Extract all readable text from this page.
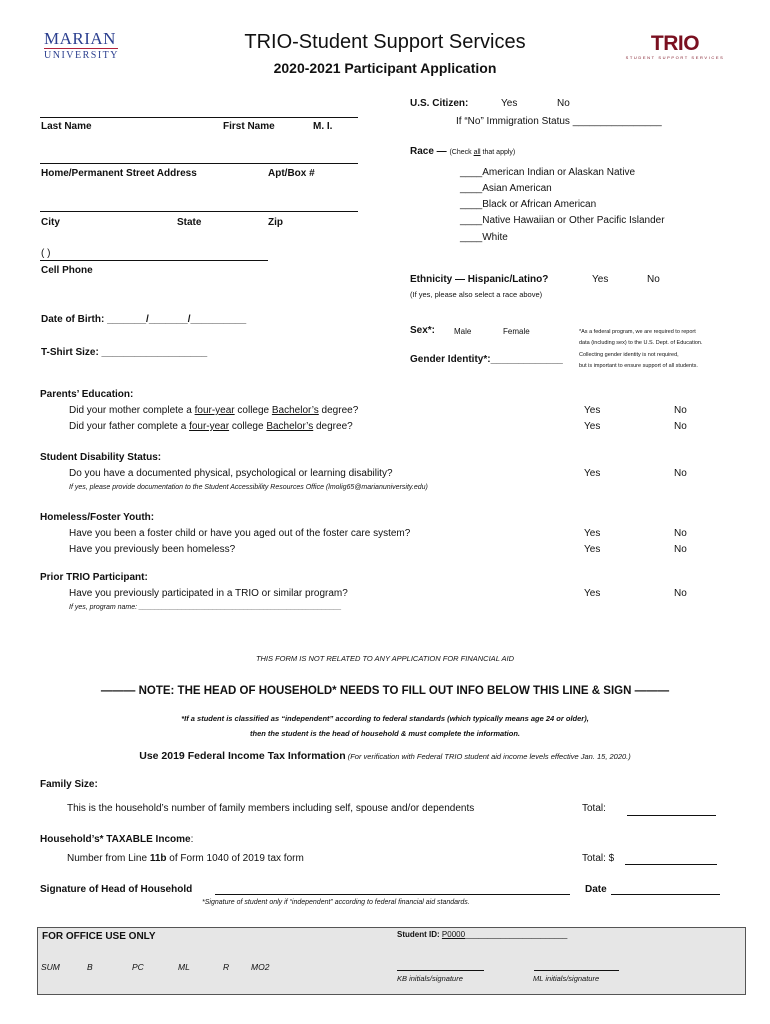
MARIAN
UNIVERSITY
TRIO-Student Support Services
2020-2021 Participant Application
TRIO
STUDENT SUPPORT SERVICES
Last Name	First Name	M. I.
Home/Permanent Street Address	Apt/Box #
City	State	Zip
( )
Cell Phone
Date of Birth: _______/_______/__________
T-Shirt Size: ___________________
U.S. Citizen:	Yes	No
If “No” Immigration Status ________________
Race — (Check all that apply)
____American Indian or Alaskan Native
____Asian American
____Black or African American
____Native Hawaiian or Other Pacific Islander
____White
Ethnicity — Hispanic/Latino?	Yes	No
(If yes, please also select a race above)
Sex*: Male	Female
Gender Identity*:_____________
*As a federal program, we are required to report
data (including sex) to the U.S. Dept. of Education.
Collecting gender identity is not required,
but is important to ensure support of all students.
Parents’ Education:
Did your mother complete a four-year college Bachelor’s degree?	Yes	No
Did your father complete a four-year college Bachelor’s degree?	Yes	No
Student Disability Status:
Do you have a documented physical, psychological or learning disability?	Yes	No
If yes, please provide documentation to the Student Accessibility Resources Office (lmolig65@marianuniversity.edu)
Homeless/Foster Youth:
Have you been a foster child or have you aged out of the foster care system?	Yes	No
Have you previously been homeless?	Yes	No
Prior TRIO Participant:
Have you previously participated in a TRIO or similar program?	Yes	No
If yes, program name: ____________________________________________________
THIS FORM IS NOT RELATED TO ANY APPLICATION FOR FINANCIAL AID
——— NOTE: THE HEAD OF HOUSEHOLD* NEEDS TO FILL OUT INFO BELOW THIS LINE & SIGN ———
*If a student is classified as “independent” according to federal standards (which typically means age 24 or older),
then the student is the head of household & must complete the information.
Use 2019 Federal Income Tax Information (For verification with Federal TRIO student aid income levels effective Jan. 15, 2020.)
Family Size:
This is the household’s number of family members including self, spouse and/or dependents	Total:
Household’s* TAXABLE Income:
Number from Line 11b of Form 1040 of 2019 tax form	Total: $
Signature of Head of Household	Date
*Signature of student only if “independent” according to federal financial aid standards.
FOR OFFICE USE ONLY
SUM	B	PC	ML	R	MO2
Student ID: P0000_______________________
KB initials/signature	ML initials/signature
